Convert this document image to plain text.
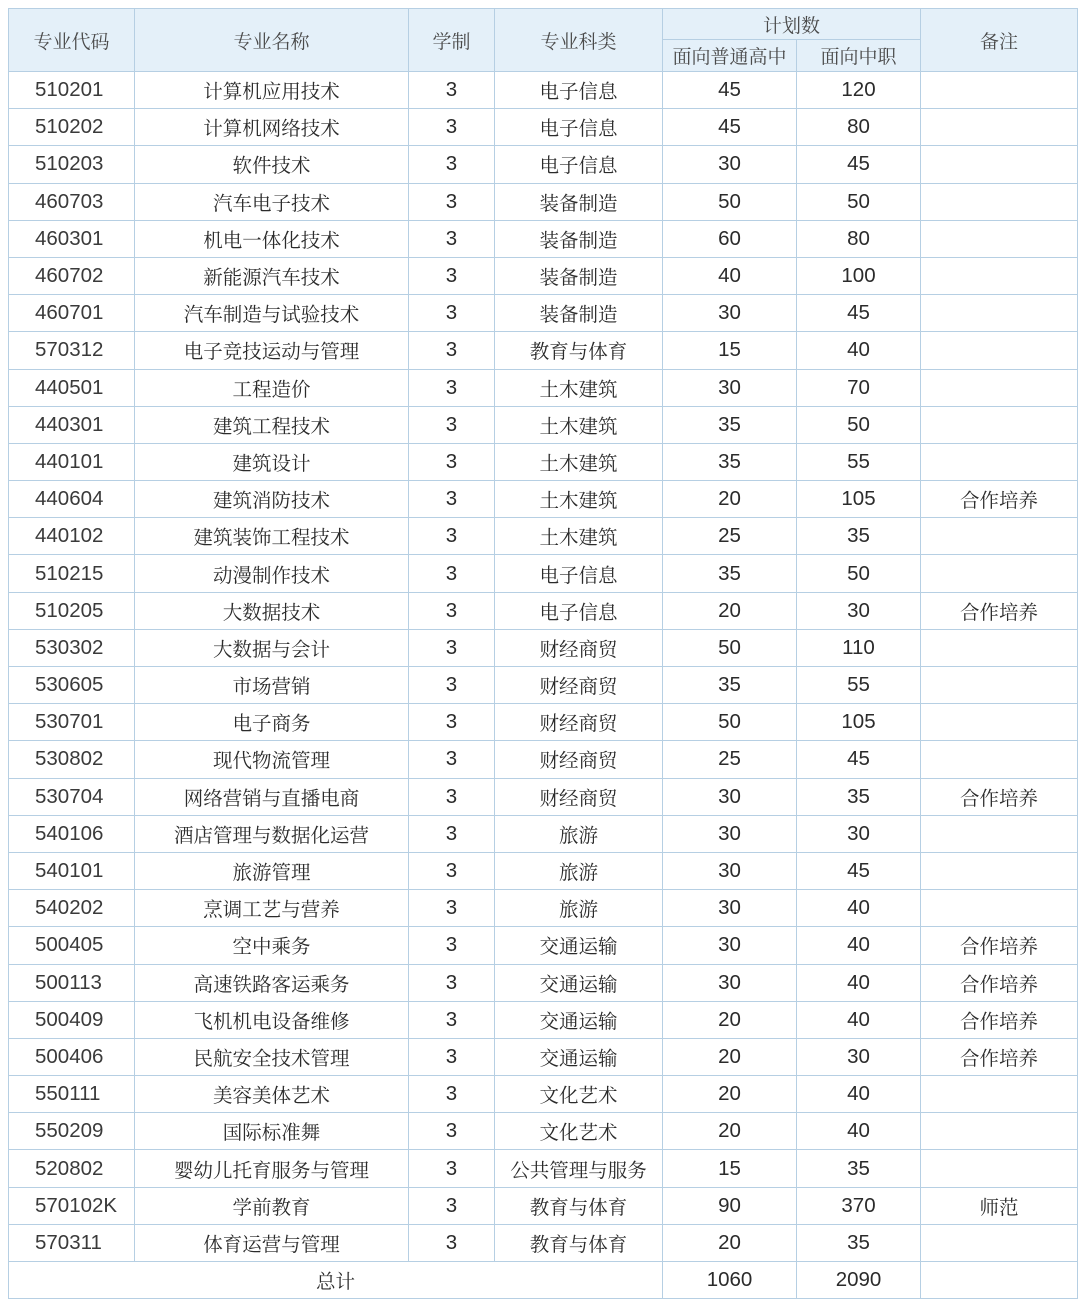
专业代码	专业名称	学制	专业科类	计划数		备注
				面向普通高中	面向中职	
510201	计算机应用技术	3	电子信息	45	120	
510202	计算机网络技术	3	电子信息	45	80	
510203	软件技术	3	电子信息	30	45	
460703	汽车电子技术	3	装备制造	50	50	
460301	机电一体化技术	3	装备制造	60	80	
460702	新能源汽车技术	3	装备制造	40	100	
460701	汽车制造与试验技术	3	装备制造	30	45	
570312	电子竞技运动与管理	3	教育与体育	15	40	
440501	工程造价	3	土木建筑	30	70	
440301	建筑工程技术	3	土木建筑	35	50	
440101	建筑设计	3	土木建筑	35	55	
440604	建筑消防技术	3	土木建筑	20	105	合作培养
440102	建筑装饰工程技术	3	土木建筑	25	35	
510215	动漫制作技术	3	电子信息	35	50	
510205	大数据技术	3	电子信息	20	30	合作培养
530302	大数据与会计	3	财经商贸	50	110	
530605	市场营销	3	财经商贸	35	55	
530701	电子商务	3	财经商贸	50	105	
530802	现代物流管理	3	财经商贸	25	45	
530704	网络营销与直播电商	3	财经商贸	30	35	合作培养
540106	酒店管理与数据化运营	3	旅游	30	30	
540101	旅游管理	3	旅游	30	45	
540202	烹调工艺与营养	3	旅游	30	40	
500405	空中乘务	3	交通运输	30	40	合作培养
500113	高速铁路客运乘务	3	交通运输	30	40	合作培养
500409	飞机机电设备维修	3	交通运输	20	40	合作培养
500406	民航安全技术管理	3	交通运输	20	30	合作培养
550111	美容美体艺术	3	文化艺术	20	40	
550209	国际标准舞	3	文化艺术	20	40	
520802	婴幼儿托育服务与管理	3	公共管理与服务	15	35	
570102K	学前教育	3	教育与体育	90	370	师范
570311	体育运营与管理	3	教育与体育	20	35	
总计				1060	2090	
